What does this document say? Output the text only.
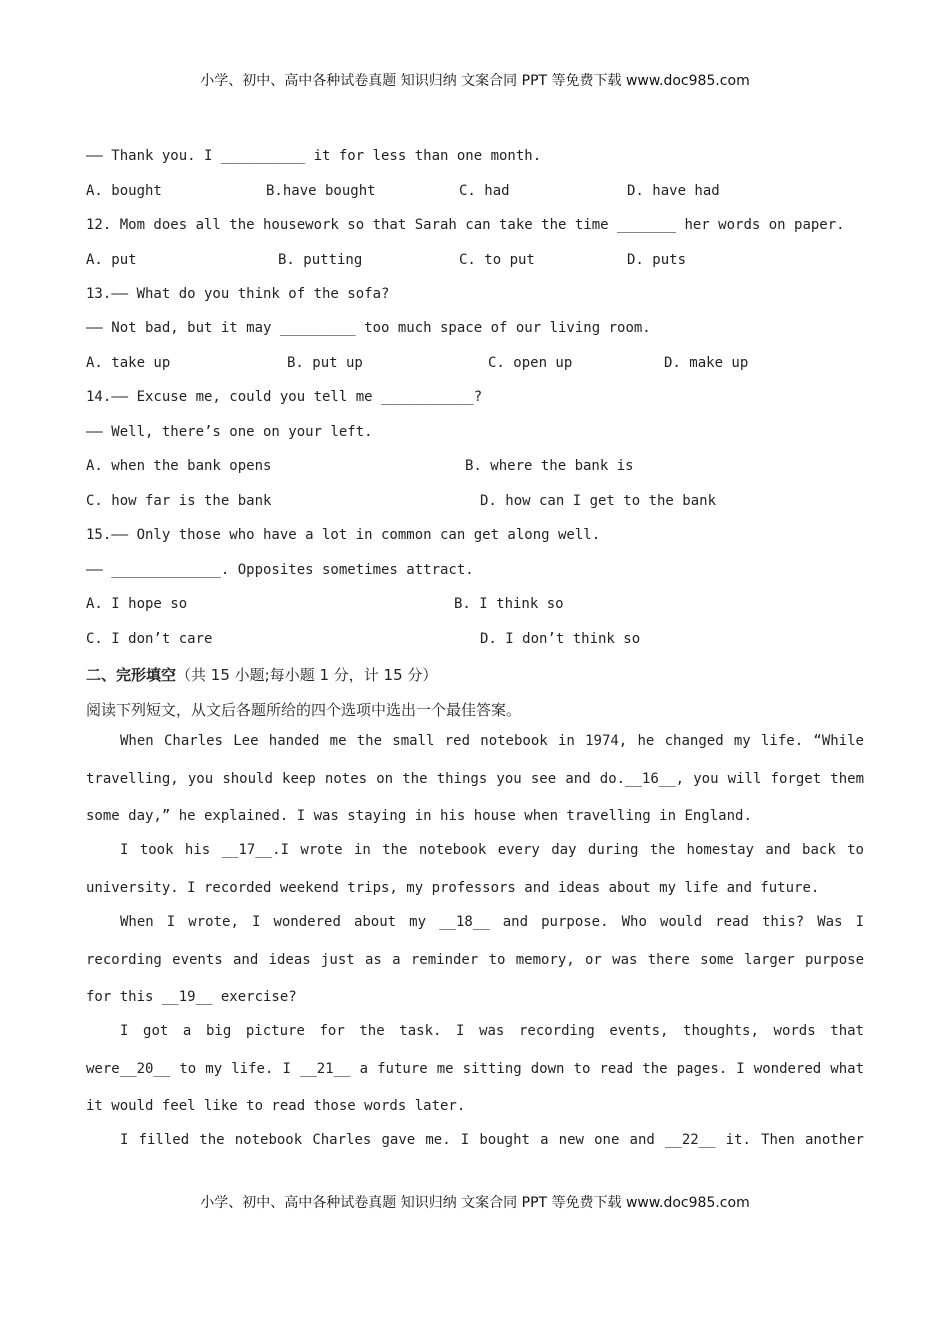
小学、初中、高中各种试卷真题 知识归纳 文案合同 PPT 等免费下载 www.doc985.com
—— Thank you. I __________ it for less than one month.
A. bought	B.have bought	C. had	D. have had
12. Mom does all the housework so that Sarah can take the time _______ her words on paper.
A. put	B. putting	C. to put	D. puts
13.—— What do you think of the sofa?
—— Not bad, but it may _________ too much space of our living room.
A. take up	B. put up	C. open up	D. make up
14.—— Excuse me, could you tell me ___________?
—— Well, there’s one on your left.
A. when the bank opens	B. where the bank is
C. how far is the bank	D. how can I get to the bank
15.—— Only those who have a lot in common can get along well.
—— _____________. Opposites sometimes attract.
A. I hope so	B. I think so
C. I don’t care	D. I don’t think so
二、完形填空（共 15 小题;每小题 1 分，计 15 分）
阅读下列短文，从文后各题所给的四个选项中选出一个最佳答案。
When Charles Lee handed me the small red notebook in 1974, he changed my life. “While travelling, you should keep notes on the things you see and do.__16__, you will forget them some day,” he explained. I was staying in his house when travelling in England.
I took his __17__.I wrote in the notebook every day during the homestay and back to university. I recorded weekend trips, my professors and ideas about my life and future.
When I wrote, I wondered about my __18__ and purpose. Who would read this? Was I recording events and ideas just as a reminder to memory, or was there some larger purpose for this __19__ exercise?
I got a big picture for the task. I was recording events, thoughts, words that were__20__ to my life. I __21__ a future me sitting down to read the pages. I wondered what it would feel like to read those words later.
I filled the notebook Charles gave me. I bought a new one and __22__ it. Then another
小学、初中、高中各种试卷真题 知识归纳 文案合同 PPT 等免费下载 www.doc985.com
